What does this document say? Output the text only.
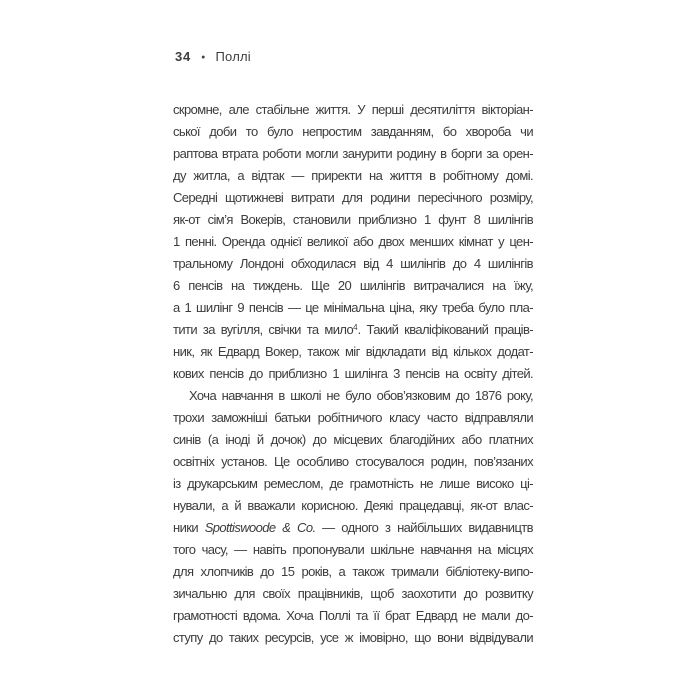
34 ● Поллі
скромне, але стабільне життя. У перші десятиліття вікторіан-
ської доби то було непростим завданням, бо хвороба чи
раптова втрата роботи могли занурити родину в борги за орен-
ду житла, а відтак — приректи на життя в робітному домі.
Середні щотижневі витрати для родини пересічного розміру,
як-от сім’я Вокерів, становили приблизно 1 фунт 8 шилінгів
1 пенні. Оренда однієї великої або двох менших кімнат у цен-
тральному Лондоні обходилася від 4 шилінгів до 4 шилінгів
6 пенсів на тиждень. Ще 20 шилінгів витрачалися на їжу,
а 1 шилінг 9 пенсів — це мінімальна ціна, яку треба було пла-
тити за вугілля, свічки та мило$^4$. Такий кваліфікований праців-
ник, як Едвард Вокер, також міг відкладати від кількох додат-
кових пенсів до приблизно 1 шилінга 3 пенсів на освіту дітей.
Хоча навчання в школі не було обов’язковим до 1876 року,
трохи заможніші батьки робітничого класу часто відправляли
синів (а іноді й дочок) до місцевих благодійних або платних
освітніх установ. Це особливо стосувалося родин, пов’язаних
із друкарським ремеслом, де грамотність не лише високо ці-
нували, а й вважали корисною. Деякі працедавці, як-от влас-
ники Spottiswoode & Co. — одного з найбільших видавництв
того часу, — навіть пропонували шкільне навчання на місцях
для хлопчиків до 15 років, а також тримали бібліотеку-випо-
зичальню для своїх працівників, щоб заохотити до розвитку
грамотності вдома. Хоча Поллі та її брат Едвард не мали до-
ступу до таких ресурсів, усе ж імовірно, що вони відвідували
